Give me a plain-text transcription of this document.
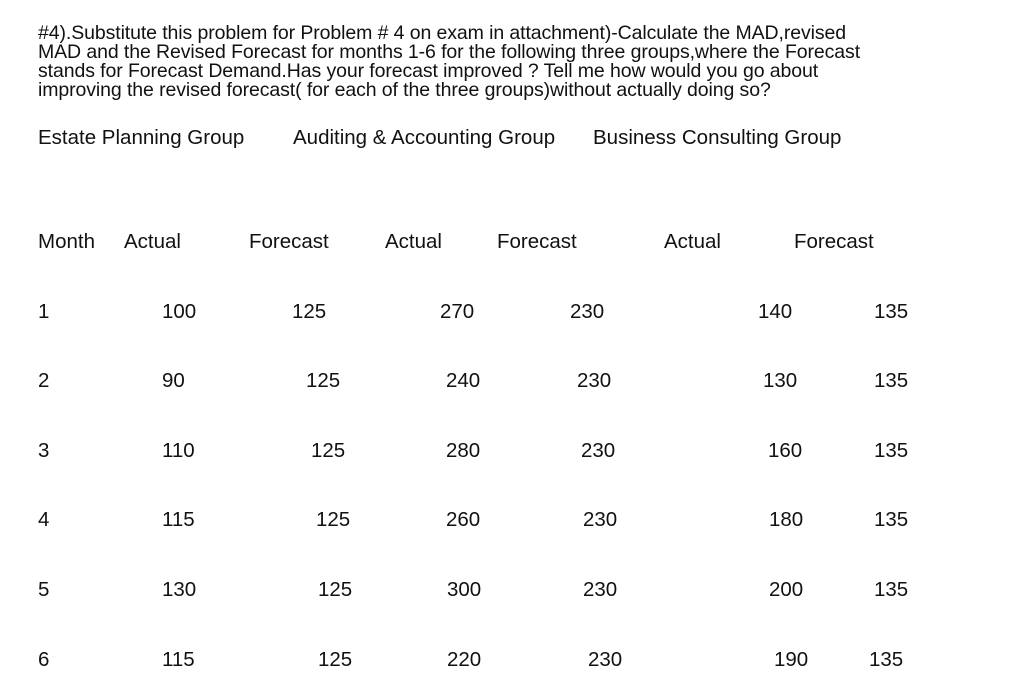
#4).Substitute this problem for Problem # 4 on exam in attachment)-Calculate the MAD,revised
MAD and the Revised Forecast for months 1-6 for the following three groups,where the Forecast
stands for Forecast Demand.Has your forecast improved ? Tell me how would you go about
improving the revised forecast( for each of the three groups)without actually doing so?
Estate Planning Group Auditing & Accounting Group Business Consulting Group
Month Actual	Forecast	Actual	Forecast	Actual	Forecast
1	100	125	270	230	140	135
2	90	125	240	230	130	135
3	110	125	280	230	160	135
4	115	125	260	230	180	135
5	130	125	300	230	200	135
6	115	125	220	230	190	135
